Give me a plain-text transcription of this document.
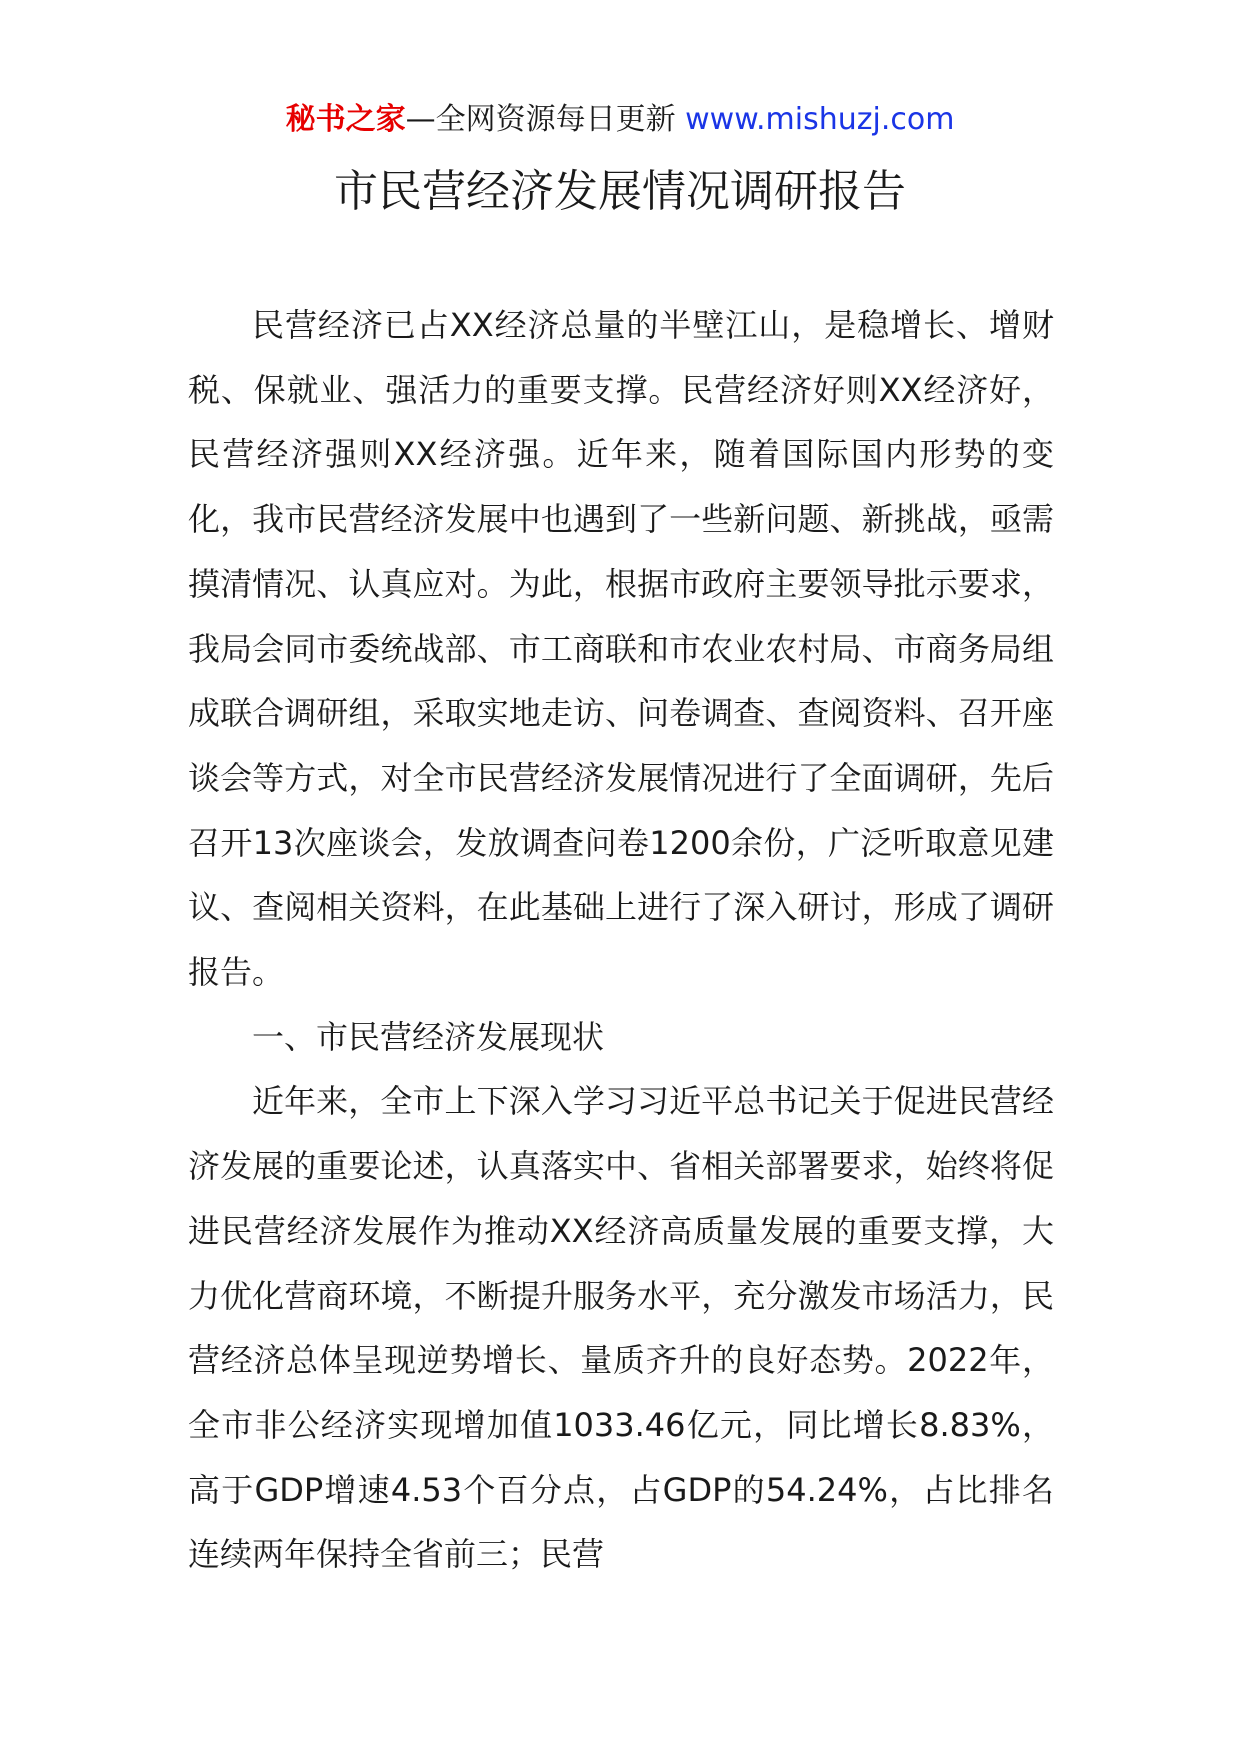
秘书之家—全网资源每日更新 www.mishuzj.com
市民营经济发展情况调研报告

民营经济已占XX经济总量的半壁江山，是稳增长、增财税、保就业、强活力的重要支撑。民营经济好则XX经济好，民营经济强则XX经济强。近年来，随着国际国内形势的变化，我市民营经济发展中也遇到了一些新问题、新挑战，亟需摸清情况、认真应对。为此，根据市政府主要领导批示要求，我局会同市委统战部、市工商联和市农业农村局、市商务局组成联合调研组，采取实地走访、问卷调查、查阅资料、召开座谈会等方式，对全市民营经济发展情况进行了全面调研，先后召开13次座谈会，发放调查问卷1200余份，广泛听取意见建议、查阅相关资料，在此基础上进行了深入研讨，形成了调研报告。

一、市民营经济发展现状

近年来，全市上下深入学习习近平总书记关于促进民营经济发展的重要论述，认真落实中、省相关部署要求，始终将促进民营经济发展作为推动XX经济高质量发展的重要支撑，大力优化营商环境，不断提升服务水平，充分激发市场活力，民营经济总体呈现逆势增长、量质齐升的良好态势。2022年，全市非公经济实现增加值1033.46亿元，同比增长8.83%，高于GDP增速4.53个百分点，占GDP的54.24%，占比排名连续两年保持全省前三；民营
